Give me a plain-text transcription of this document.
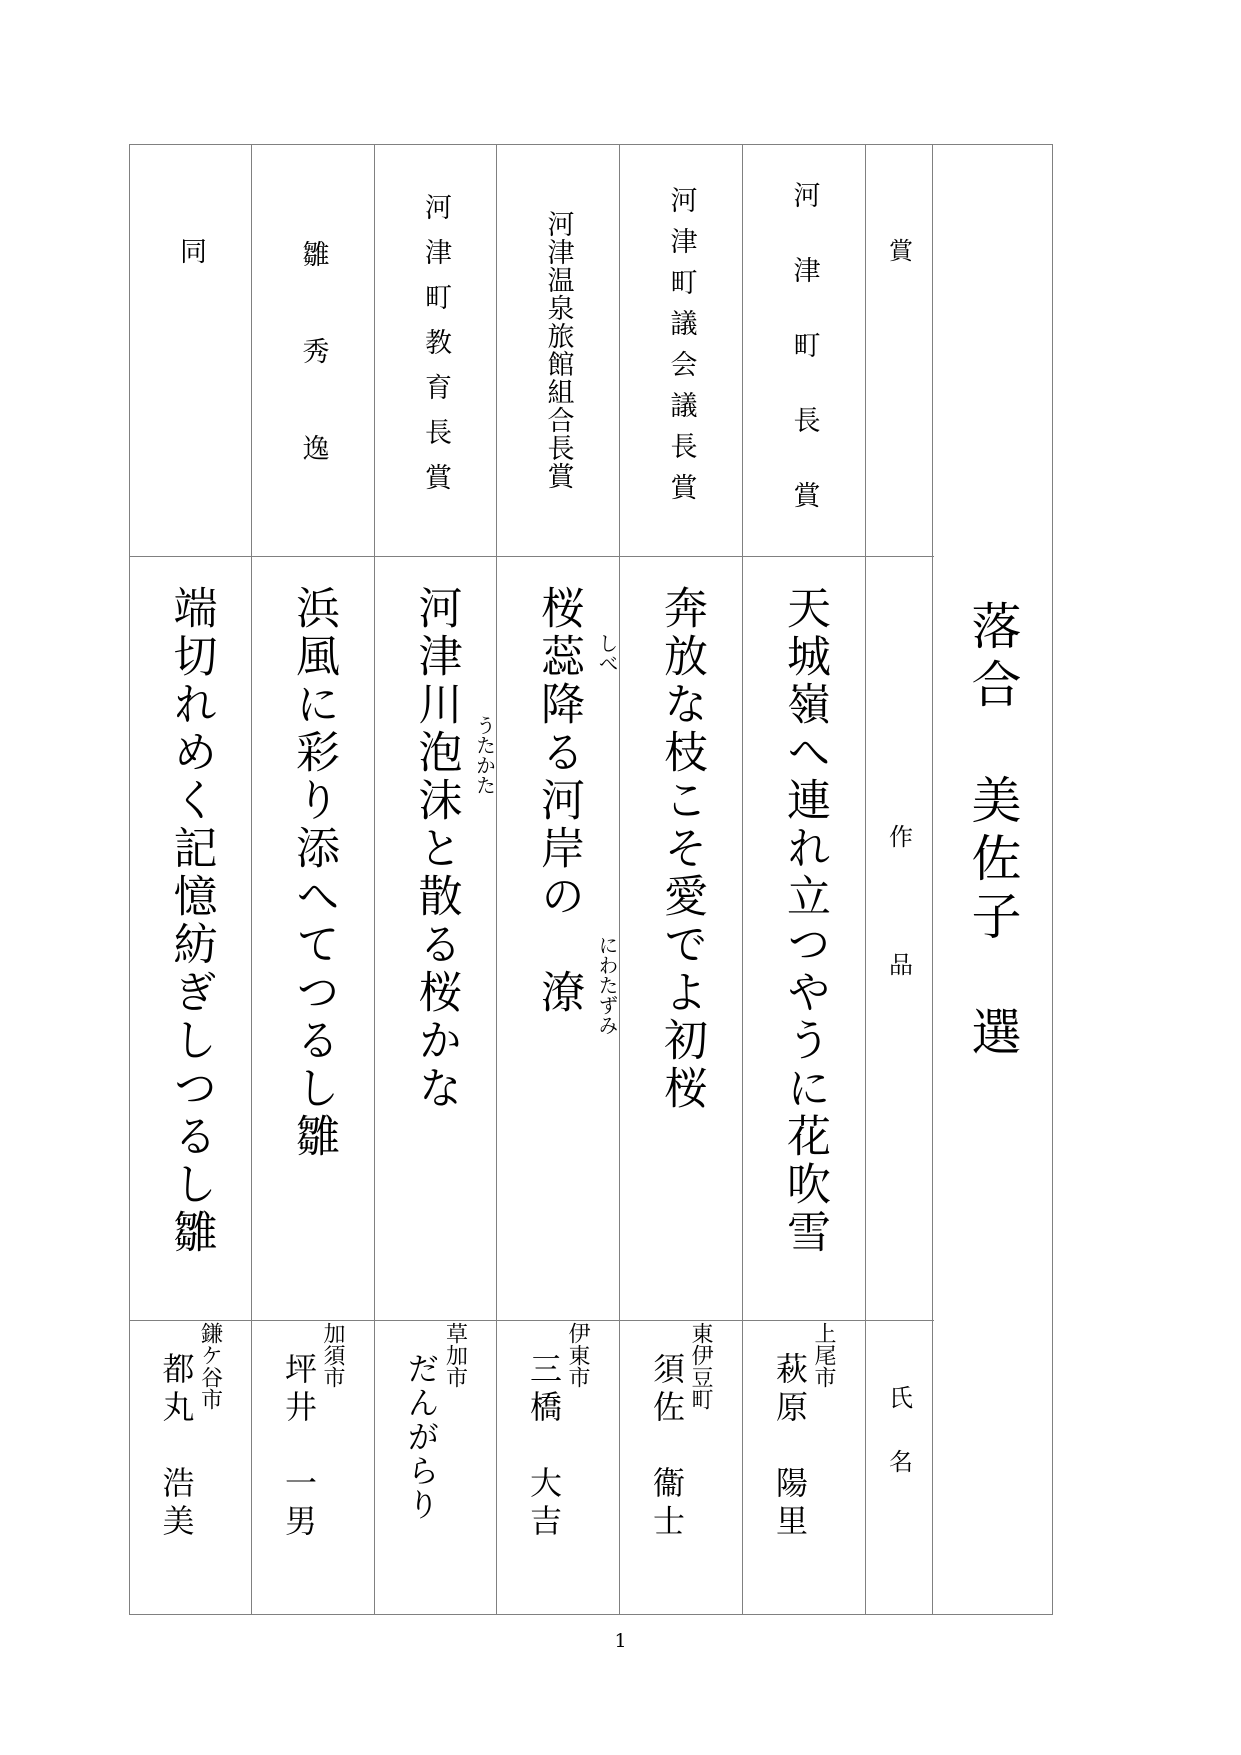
賞
作　品
氏　名
落合　美佐子　選
河津町長賞
天城嶺へ連れ立つやうに花吹雪
上尾市
萩原　陽里
河津町議会議長賞
奔放な枝こそ愛でよ初桜
東伊豆町
須佐　衞士
河津温泉旅館組合長賞
桜蕊 しべ
降る河岸の　潦 にわたずみ
伊東市
三橋　大吉
河津町教育長賞
河津川泡沫 うたかた
と散る桜かな
草加市
だんがらり
雛秀逸
浜風に彩り添へてつるし雛
加須市
坪井　一男
同
端切れめく記憶紡ぎしつるし雛
鎌ケ谷市
都丸　浩美
1
